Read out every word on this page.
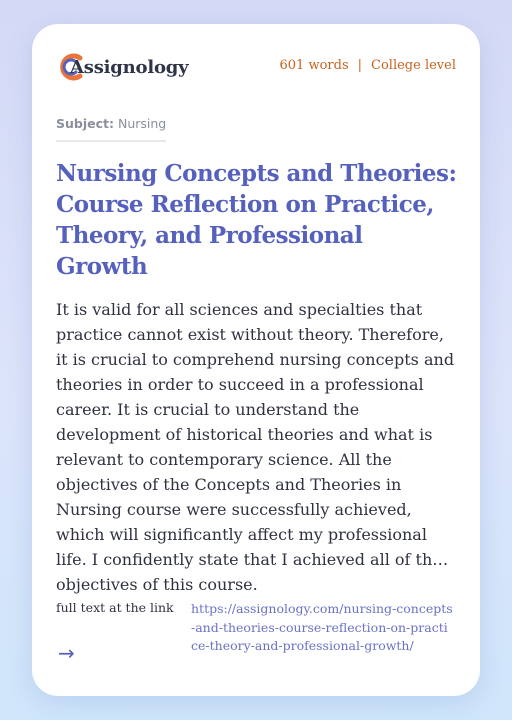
Assignology	601 words | College level
Subject: Nursing
Nursing Concepts and Theories: Course Reflection on Practice, Theory, and Professional Growth

It is valid for all sciences and specialties that practice cannot exist without theory. Therefore, it is crucial to comprehend nursing concepts and theories in order to succeed in a professional career. It is crucial to understand the development of historical theories and what is relevant to contemporary science. All the objectives of the Concepts and Theories in Nursing course were successfully achieved, which will significantly affect my professional life. I confidently state that I achieved all of the objectives of this course.

full text at the link https://assignology.com/nursing-concepts-and-theories-course-reflection-on-practice-theory-and-professional-growth/
→
